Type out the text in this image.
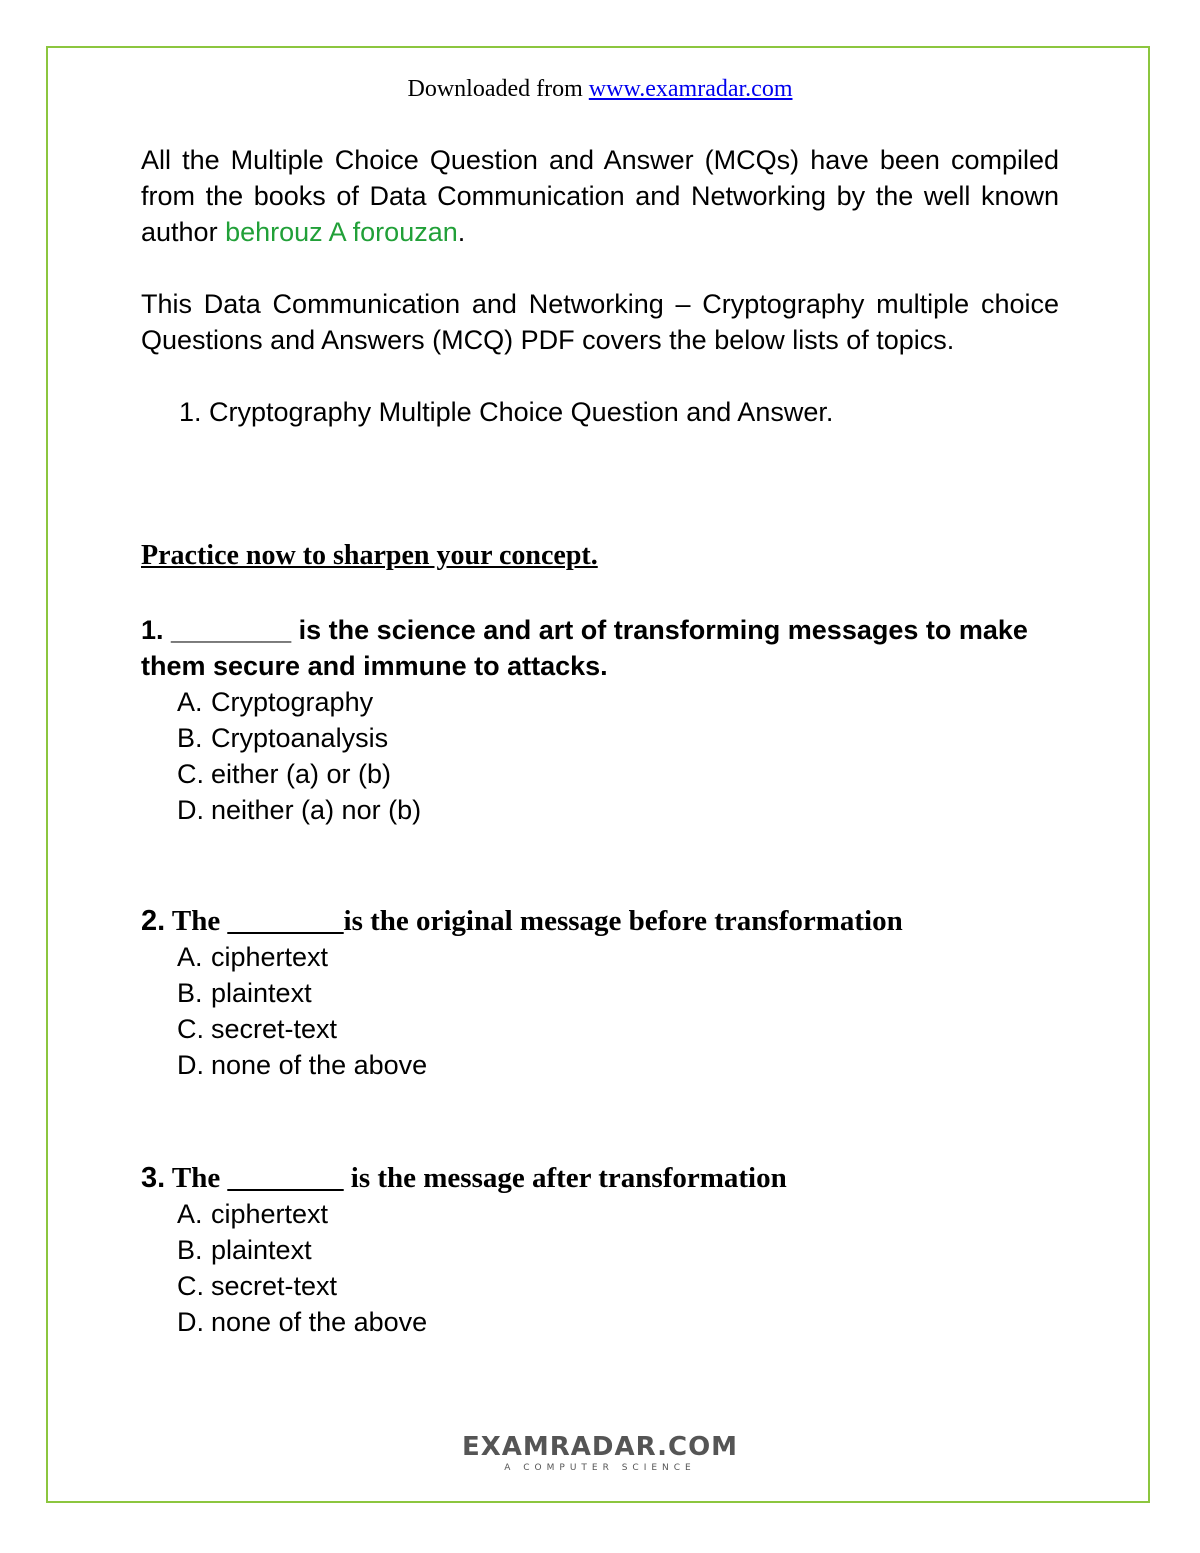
Downloaded from www.examradar.com

All the Multiple Choice Question and Answer (MCQs) have been compiled from the books of Data Communication and Networking by the well known author behrouz A forouzan.

This Data Communication and Networking – Cryptography multiple choice Questions and Answers (MCQ) PDF covers the below lists of topics.

1. Cryptography Multiple Choice Question and Answer.
Practice now to sharpen your concept.

1. ________ is the science and art of transforming messages to make them secure and immune to attacks.

A. Cryptography
B. Cryptoanalysis
C. either (a) or (b)
D. neither (a) nor (b)

2. The ________is the original message before transformation

A. ciphertext
B. plaintext
C. secret-text
D. none of the above

3. The ________ is the message after transformation

A. ciphertext
B. plaintext
C. secret-text
D. none of the above
EXAMRADAR.COM
A COMPUTER SCIENCE
